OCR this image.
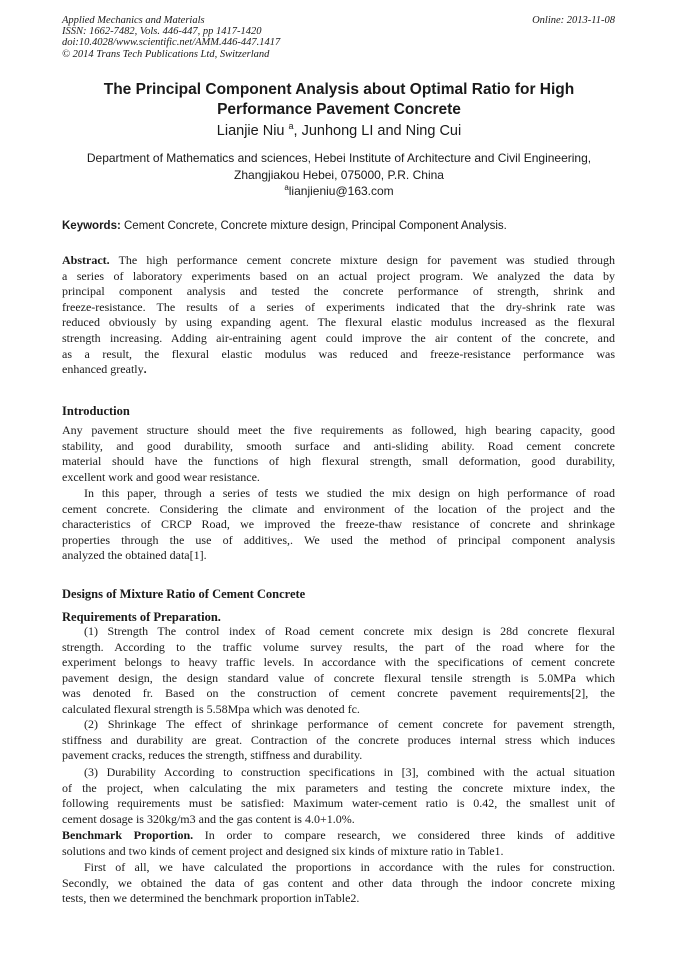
Applied Mechanics and Materials
ISSN: 1662-7482, Vols. 446-447, pp 1417-1420
doi:10.4028/www.scientific.net/AMM.446-447.1417
© 2014 Trans Tech Publications Ltd, Switzerland
Online: 2013-11-08
The Principal Component Analysis about Optimal Ratio for High
Performance Pavement Concrete
Lianjie Niu $^a$, Junhong LI and Ning Cui
Department of Mathematics and sciences, Hebei Institute of Architecture and Civil Engineering,
Zhangjiakou Hebei, 075000, P.R. China
$^a$lianjieniu@163.com
Keywords: Cement Concrete, Concrete mixture design, Principal Component Analysis.
Abstract. The high performance cement concrete mixture design for pavement was studied through
a series of laboratory experiments based on an actual project program. We analyzed the data by
principal component analysis and tested the concrete performance of strength, shrink and
freeze-resistance. The results of a series of experiments indicated that the dry-shrink rate was
reduced obviously by using expanding agent. The flexural elastic modulus increased as the flexural
strength increasing. Adding air-entraining agent could improve the air content of the concrete, and
as a result, the flexural elastic modulus was reduced and freeze-resistance performance was
enhanced greatly.
Introduction
Any pavement structure should meet the five requirements as followed, high bearing capacity, good
stability, and good durability, smooth surface and anti-sliding ability. Road cement concrete
material should have the functions of high flexural strength, small deformation, good durability,
excellent work and good wear resistance.
In this paper, through a series of tests we studied the mix design on high performance of road
cement concrete. Considering the climate and environment of the location of the project and the
characteristics of CRCP Road, we improved the freeze-thaw resistance of concrete and shrinkage
properties through the use of additives,. We used the method of principal component analysis
analyzed the obtained data[1].
Designs of Mixture Ratio of Cement Concrete
Requirements of Preparation.
(1) Strength The control index of Road cement concrete mix design is 28d concrete flexural
strength. According to the traffic volume survey results, the part of the road where for the
experiment belongs to heavy traffic levels. In accordance with the specifications of cement concrete
pavement design, the design standard value of concrete flexural tensile strength is 5.0MPa which
was denoted fr. Based on the construction of cement concrete pavement requirements[2], the
calculated flexural strength is 5.58Mpa which was denoted fc.
(2) Shrinkage The effect of shrinkage performance of cement concrete for pavement strength,
stiffness and durability are great. Contraction of the concrete produces internal stress which induces
pavement cracks, reduces the strength, stiffness and durability.
(3) Durability According to construction specifications in [3], combined with the actual situation
of the project, when calculating the mix parameters and testing the concrete mixture index, the
following requirements must be satisfied: Maximum water-cement ratio is 0.42, the smallest unit of
cement dosage is 320kg/m3 and the gas content is 4.0+1.0%.
Benchmark Proportion. In order to compare research, we considered three kinds of additive
solutions and two kinds of cement project and designed six kinds of mixture ratio in Table1.
First of all, we have calculated the proportions in accordance with the rules for construction.
Secondly, we obtained the data of gas content and other data through the indoor concrete mixing
tests, then we determined the benchmark proportion inTable2.
